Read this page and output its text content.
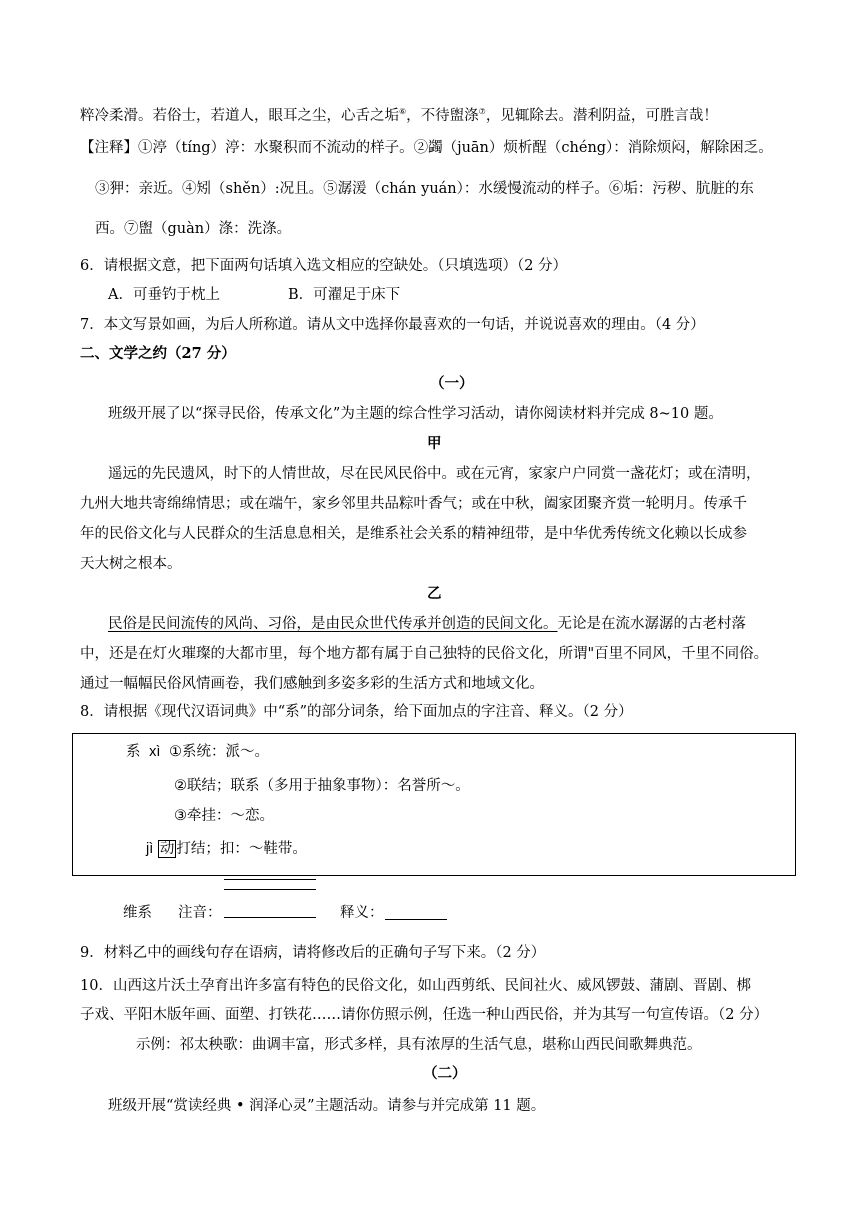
粹冷柔滑。若俗士，若道人，眼耳之尘，心舌之垢⑥，不待盥涤⑦，见辄除去。潜利阴益，可胜言哉！
【注释】①渟（tíng）渟：水聚积而不流动的样子。②蠲（juān）烦析酲（chéng）：消除烦闷，解除困乏。
③狎：亲近。④矧（shěn）:况且。⑤潺湲（chán yuán）：水缓慢流动的样子。⑥垢：污秽、肮脏的东
西。⑦盥（guàn）涤：洗涤。
6．请根据文意，把下面两句话填入选文相应的空缺处。（只填选项）（2 分）
A．可垂钓于枕上	B．可濯足于床下
7．本文写景如画，为后人所称道。请从文中选择你最喜欢的一句话，并说说喜欢的理由。（4 分）
二、文学之约（27 分）
（一）
班级开展了以“探寻民俗，传承文化”为主题的综合性学习活动，请你阅读材料并完成 8~10 题。
甲
遥远的先民遗风，时下的人情世故，尽在民风民俗中。或在元宵，家家户户同赏一盏花灯；或在清明，
九州大地共寄绵绵情思；或在端午，家乡邻里共品粽叶香气；或在中秋，阖家团聚齐赏一轮明月。传承千
年的民俗文化与人民群众的生活息息相关，是维系社会关系的精神纽带，是中华优秀传统文化赖以长成参
天大树之根本。
乙
民俗是民间流传的风尚、习俗，是由民众世代传承并创造的民间文化。无论是在流水潺潺的古老村落
中，还是在灯火璀璨的大都市里，每个地方都有属于自己独特的民俗文化，所谓"百里不同风，千里不同俗。
通过一幅幅民俗风情画卷，我们感触到多姿多彩的生活方式和地域文化。
8．请根据《现代汉语词典》中“系”的部分词条，给下面加点的字注音、释义。（2 分）
系 xì ①系统：派～。
②联结；联系（多用于抽象事物）：名誉所～。
③牵挂：～恋。
jì 动 打结；扣：～鞋带。
维系 注音：	释义：
9．材料乙中的画线句存在语病，请将修改后的正确句子写下来。（2 分）
10．山西这片沃土孕育出许多富有特色的民俗文化，如山西剪纸、民间社火、威风锣鼓、蒲剧、晋剧、梆
子戏、平阳木版年画、面塑、打铁花……请你仿照示例，任选一种山西民俗，并为其写一句宣传语。（2 分）
示例：祁太秧歌：曲调丰富，形式多样，具有浓厚的生活气息，堪称山西民间歌舞典范。
（二）
班级开展“赏读经典 • 润泽心灵”主题活动。请参与并完成第 11 题。
